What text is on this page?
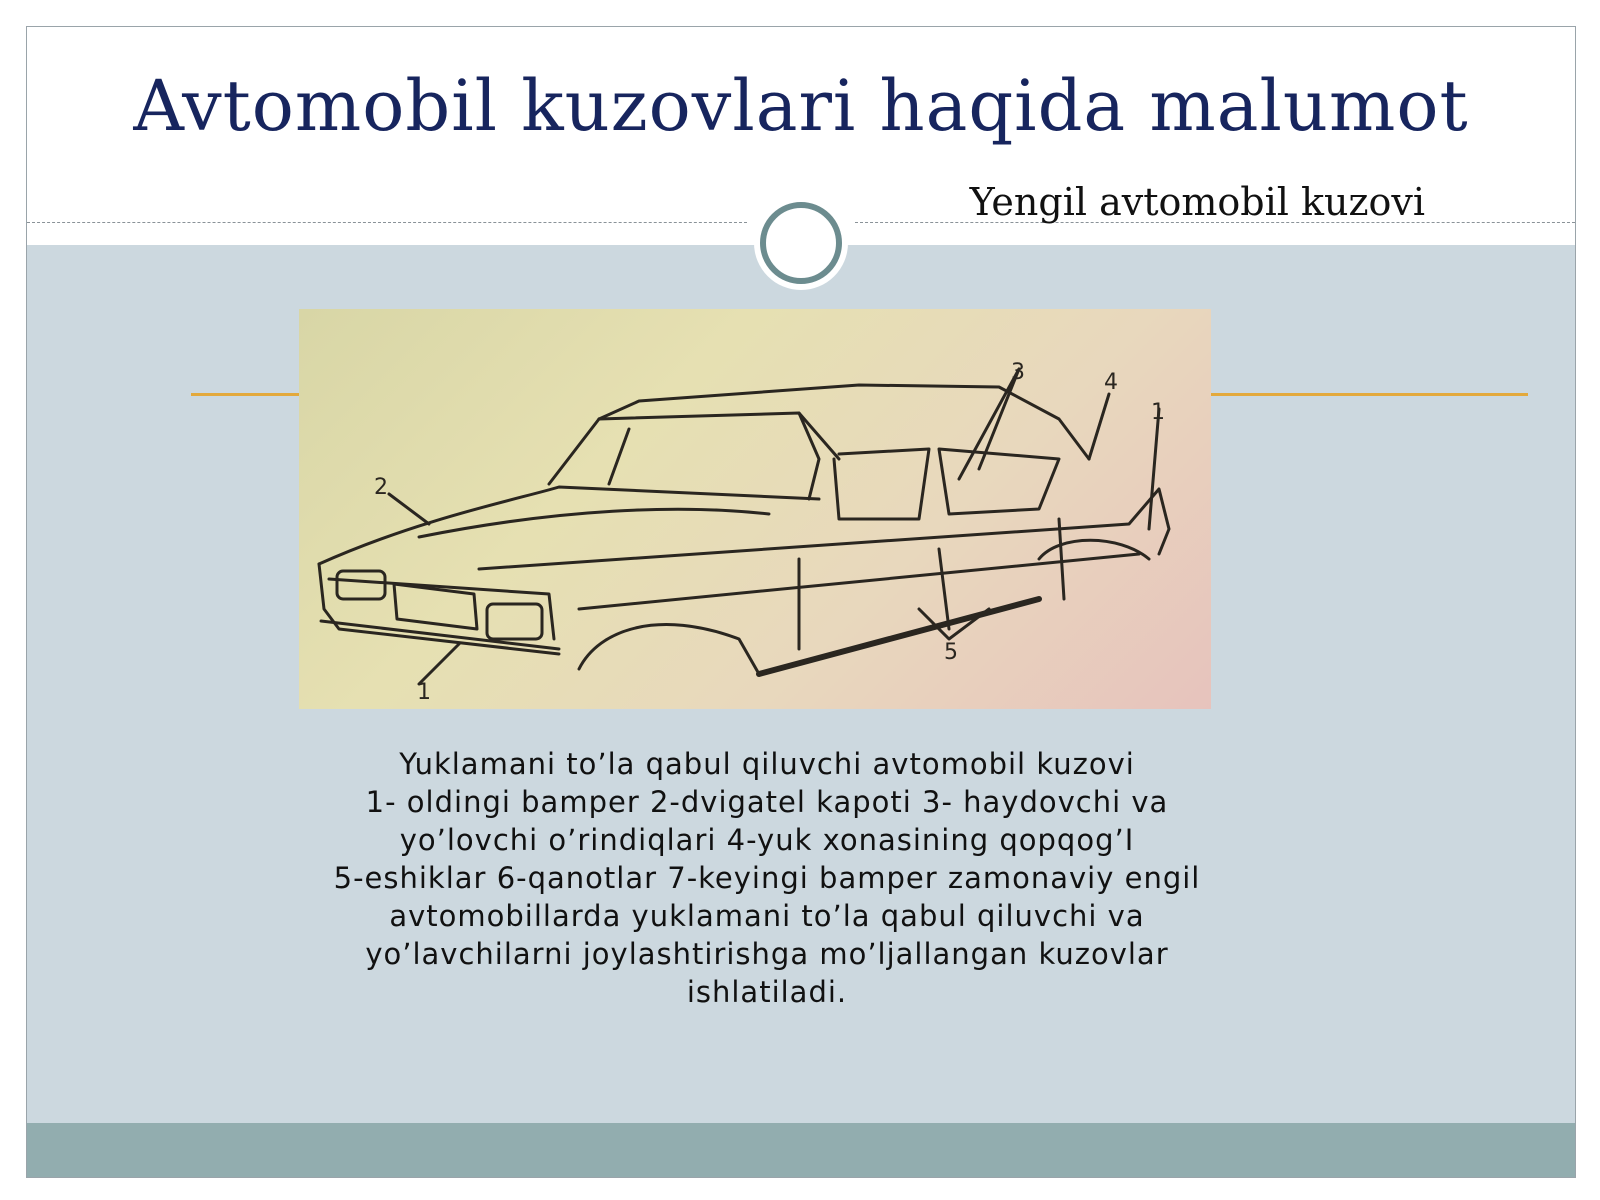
Avtomobil kuzovlari haqida malumot
Yengil avtomobil kuzovi
1
2
3	4
5
1
Yuklamani to’la qabul qiluvchi avtomobil kuzovi
1- oldingi bamper 2-dvigatel kapoti 3- haydovchi va
yo’lovchi o’rindiqlari 4-yuk xonasining qopqog’I
5-eshiklar 6-qanotlar 7-keyingi bamper zamonaviy engil
avtomobillarda yuklamani to’la qabul qiluvchi va
yo’lavchilarni joylashtirishga mo’ljallangan kuzovlar
ishlatiladi.
